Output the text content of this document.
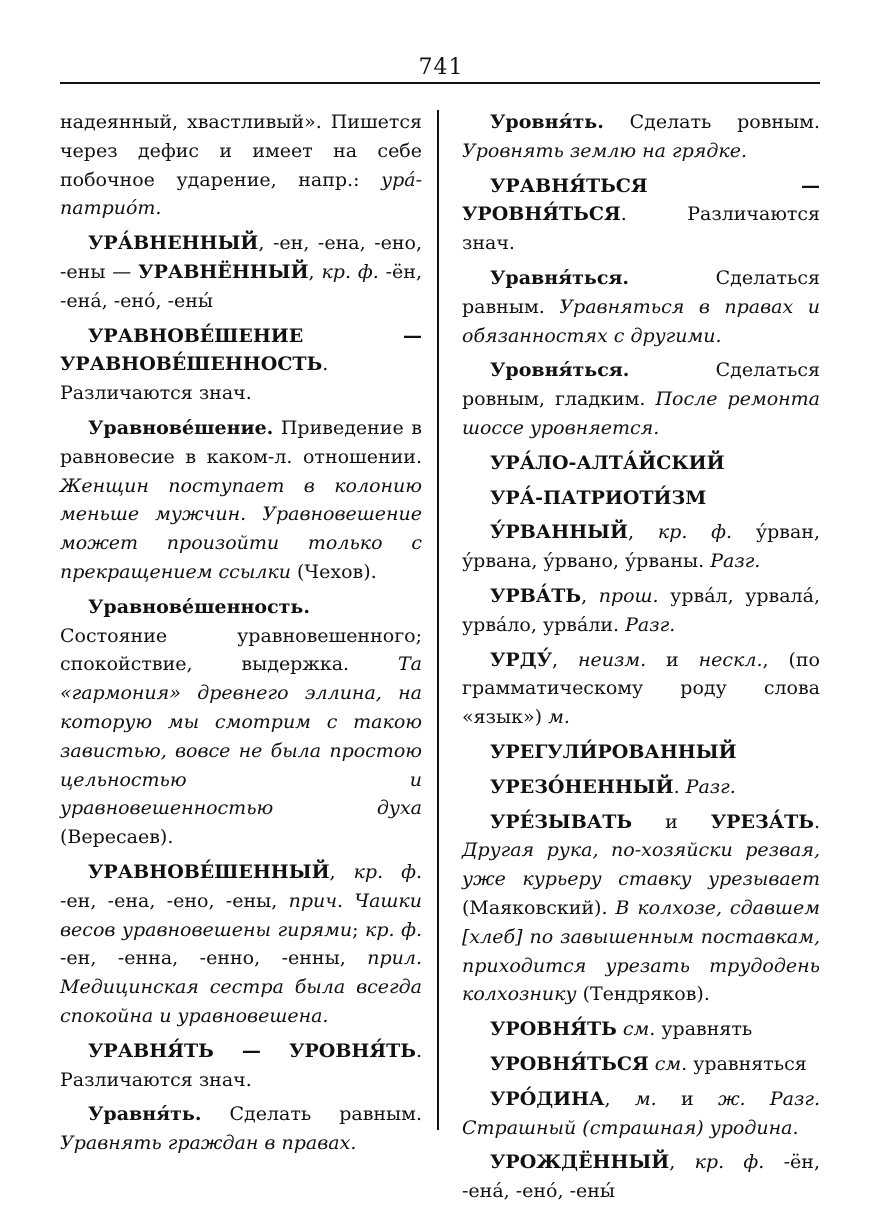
741

надеянный, хвастливый». Пишется через дефис и имеет на себе побочное ударение, напр.: ура́-патрио́т.

УРА́ВНЕННЫЙ, -ен, -ена, -ено, -ены — УРАВНЁННЫЙ, кр. ф. -ён, -ена́, -ено́, -ены́

УРАВНОВЕ́ШЕНИЕ — УРАВНОВЕ́ШЕННОСТЬ. Различаются знач.

Уравнове́шение. Приведение в равновесие в каком-л. отношении. Женщин поступает в колонию меньше мужчин. Уравновешение может произойти только с прекращением ссылки (Чехов).

Уравнове́шенность. Состояние уравновешенного; спокойствие, выдержка. Та «гармония» древнего эллина, на которую мы смотрим с такою завистью, вовсе не была простою цельностью и уравновешенностью духа (Вересаев).

УРАВНОВЕ́ШЕННЫЙ, кр. ф. -ен, -ена, -ено, -ены, прич. Чашки весов уравновешены гирями; кр. ф. -ен, -енна, -енно, -енны, прил. Медицинская сестра была всегда спокойна и уравновешена.

УРАВНЯ́ТЬ — УРОВНЯ́ТЬ. Различаются знач.

Уравня́ть. Сделать равным. Уравнять граждан в правах.

Уровня́ть. Сделать ровным. Уровнять землю на грядке.

УРАВНЯ́ТЬСЯ — УРОВНЯ́ТЬСЯ. Различаются знач.

Уравня́ться. Сделаться равным. Уравняться в правах и обязанностях с другими.

Уровня́ться. Сделаться ровным, гладким. После ремонта шоссе уровняется.

УРА́ЛО-АЛТА́ЙСКИЙ

УРА́-ПАТРИОТИ́ЗМ

У́РВАННЫЙ, кр. ф. у́рван, у́рвана, у́рвано, у́рваны. Разг.

УРВА́ТЬ, прош. урва́л, урвала́, урва́ло, урва́ли. Разг.

УРДУ́, неизм. и нескл., (по грамматическому роду слова «язык») м.

УРЕГУЛИ́РОВАННЫЙ

УРЕЗО́НЕННЫЙ. Разг.

УРЕ́ЗЫВАТЬ и УРЕЗА́ТЬ. Другая рука, по-хозяйски резвая, уже курьеру ставку урезывает (Маяковский). В колхозе, сдавшем [хлеб] по завышенным поставкам, приходится урезать трудодень колхознику (Тендряков).

УРОВНЯ́ТЬ см. уравнять

УРОВНЯ́ТЬСЯ см. уравняться

УРО́ДИНА, м. и ж. Разг. Страшный (страшная) уродина.

УРОЖДЁННЫЙ, кр. ф. -ён, -ена́, -ено́, -ены́
